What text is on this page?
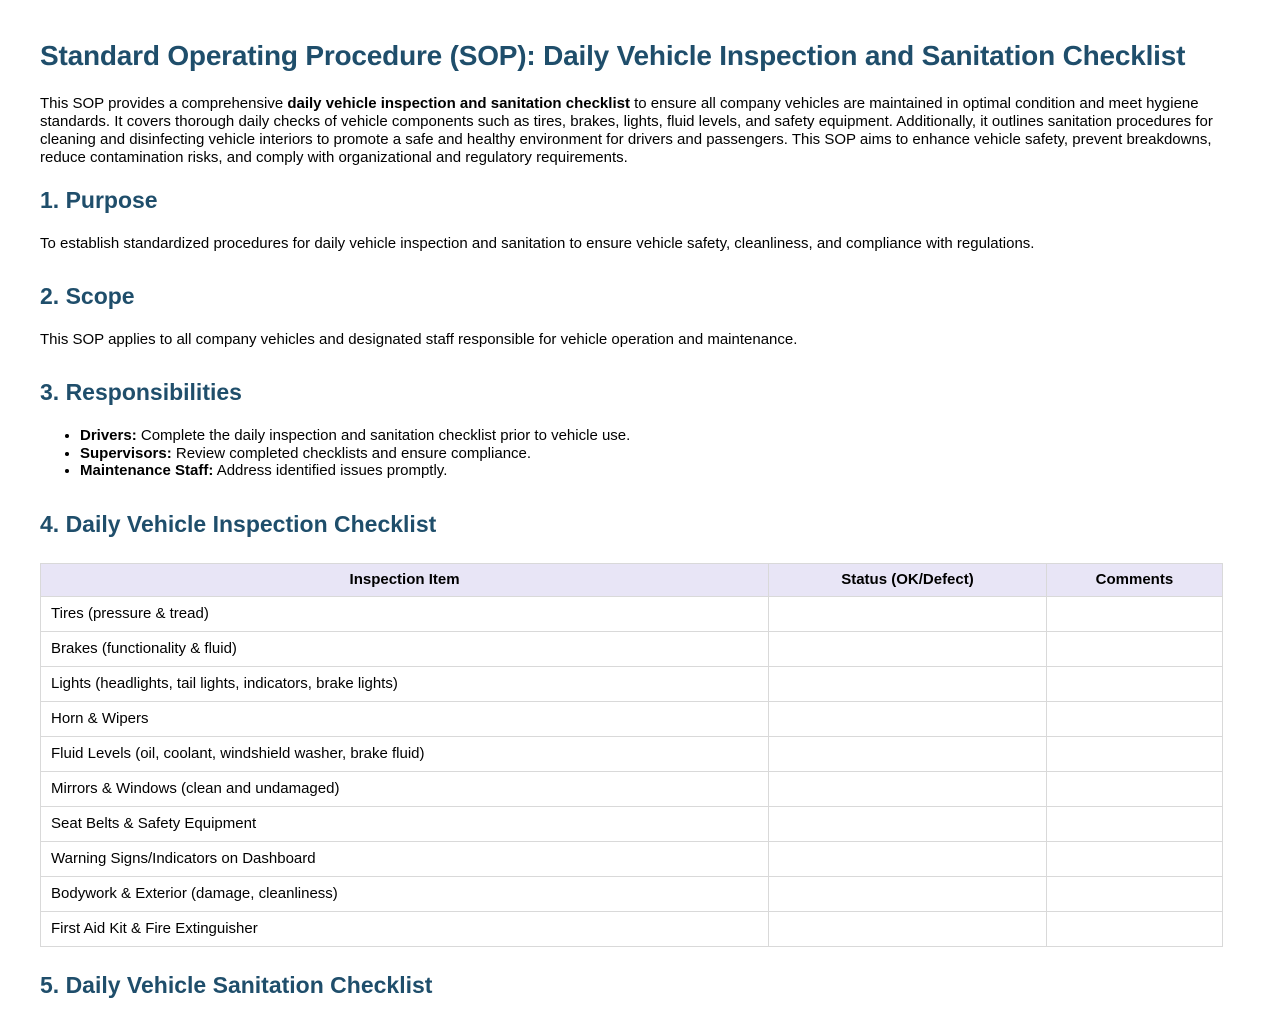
Standard Operating Procedure (SOP): Daily Vehicle Inspection and Sanitation Checklist

This SOP provides a comprehensive daily vehicle inspection and sanitation checklist to ensure all company vehicles are maintained in optimal condition and meet hygiene standards. It covers thorough daily checks of vehicle components such as tires, brakes, lights, fluid levels, and safety equipment. Additionally, it outlines sanitation procedures for cleaning and disinfecting vehicle interiors to promote a safe and healthy environment for drivers and passengers. This SOP aims to enhance vehicle safety, prevent breakdowns, reduce contamination risks, and comply with organizational and regulatory requirements.

1. Purpose

To establish standardized procedures for daily vehicle inspection and sanitation to ensure vehicle safety, cleanliness, and compliance with regulations.

2. Scope

This SOP applies to all company vehicles and designated staff responsible for vehicle operation and maintenance.

3. Responsibilities
• Drivers: Complete the daily inspection and sanitation checklist prior to vehicle use.
• Supervisors: Review completed checklists and ensure compliance.
• Maintenance Staff: Address identified issues promptly.
4. Daily Vehicle Inspection Checklist
Inspection Item	Status (OK/Defect)	Comments
Tires (pressure & tread)		
Brakes (functionality & fluid)		
Lights (headlights, tail lights, indicators, brake lights)		
Horn & Wipers		
Fluid Levels (oil, coolant, windshield washer, brake fluid)		
Mirrors & Windows (clean and undamaged)		
Seat Belts & Safety Equipment		
Warning Signs/Indicators on Dashboard		
Bodywork & Exterior (damage, cleanliness)		
First Aid Kit & Fire Extinguisher		
5. Daily Vehicle Sanitation Checklist
